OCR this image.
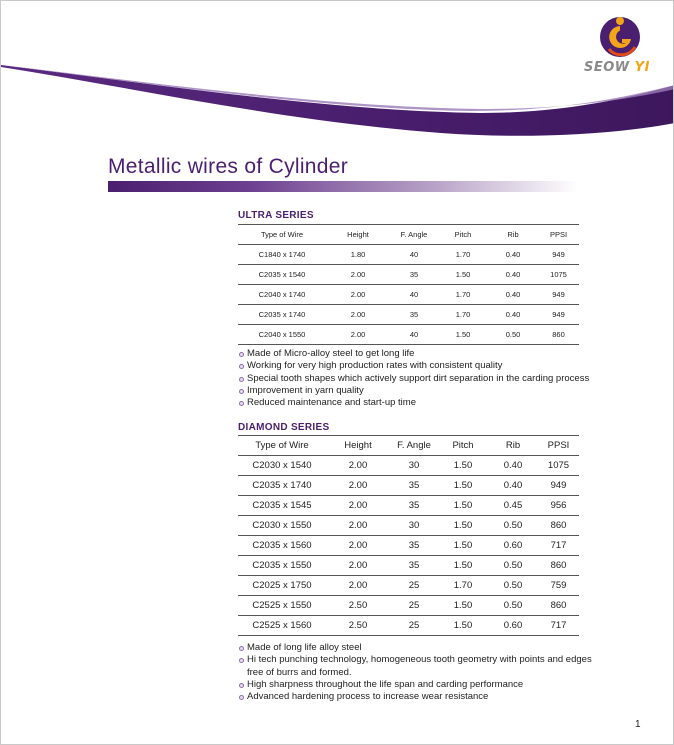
SEOW YI
Metallic wires of Cylinder
ULTRA SERIES
Type of Wire	Height	F. Angle	Pitch	Rib	PPSI
C1840 x 1740	1.80	40	1.70	0.40	949
C2035 x 1540	2.00	35	1.50	0.40	1075
C2040 x 1740	2.00	40	1.70	0.40	949
C2035 x 1740	2.00	35	1.70	0.40	949
C2040 x 1550	2.00	40	1.50	0.50	860
Made of Micro-alloy steel to get long life
Working for very high production rates with consistent quality
Special tooth shapes which actively support dirt separation in the carding process
Improvement in yarn quality
Reduced maintenance and start-up time
DIAMOND SERIES
Type of Wire	Height	F. Angle	Pitch	Rib	PPSI
C2030 x 1540	2.00	30	1.50	0.40	1075
C2035 x 1740	2.00	35	1.50	0.40	949
C2035 x 1545	2.00	35	1.50	0.45	956
C2030 x 1550	2.00	30	1.50	0.50	860
C2035 x 1560	2.00	35	1.50	0.60	717
C2035 x 1550	2.00	35	1.50	0.50	860
C2025 x 1750	2.00	25	1.70	0.50	759
C2525 x 1550	2.50	25	1.50	0.50	860
C2525 x 1560	2.50	25	1.50	0.60	717
Made of long life alloy steel
Hi tech punching technology, homogeneous tooth geometry with points and edges
free of burrs and formed.
High sharpness throughout the life span and carding performance
Advanced hardening process to increase wear resistance
1
